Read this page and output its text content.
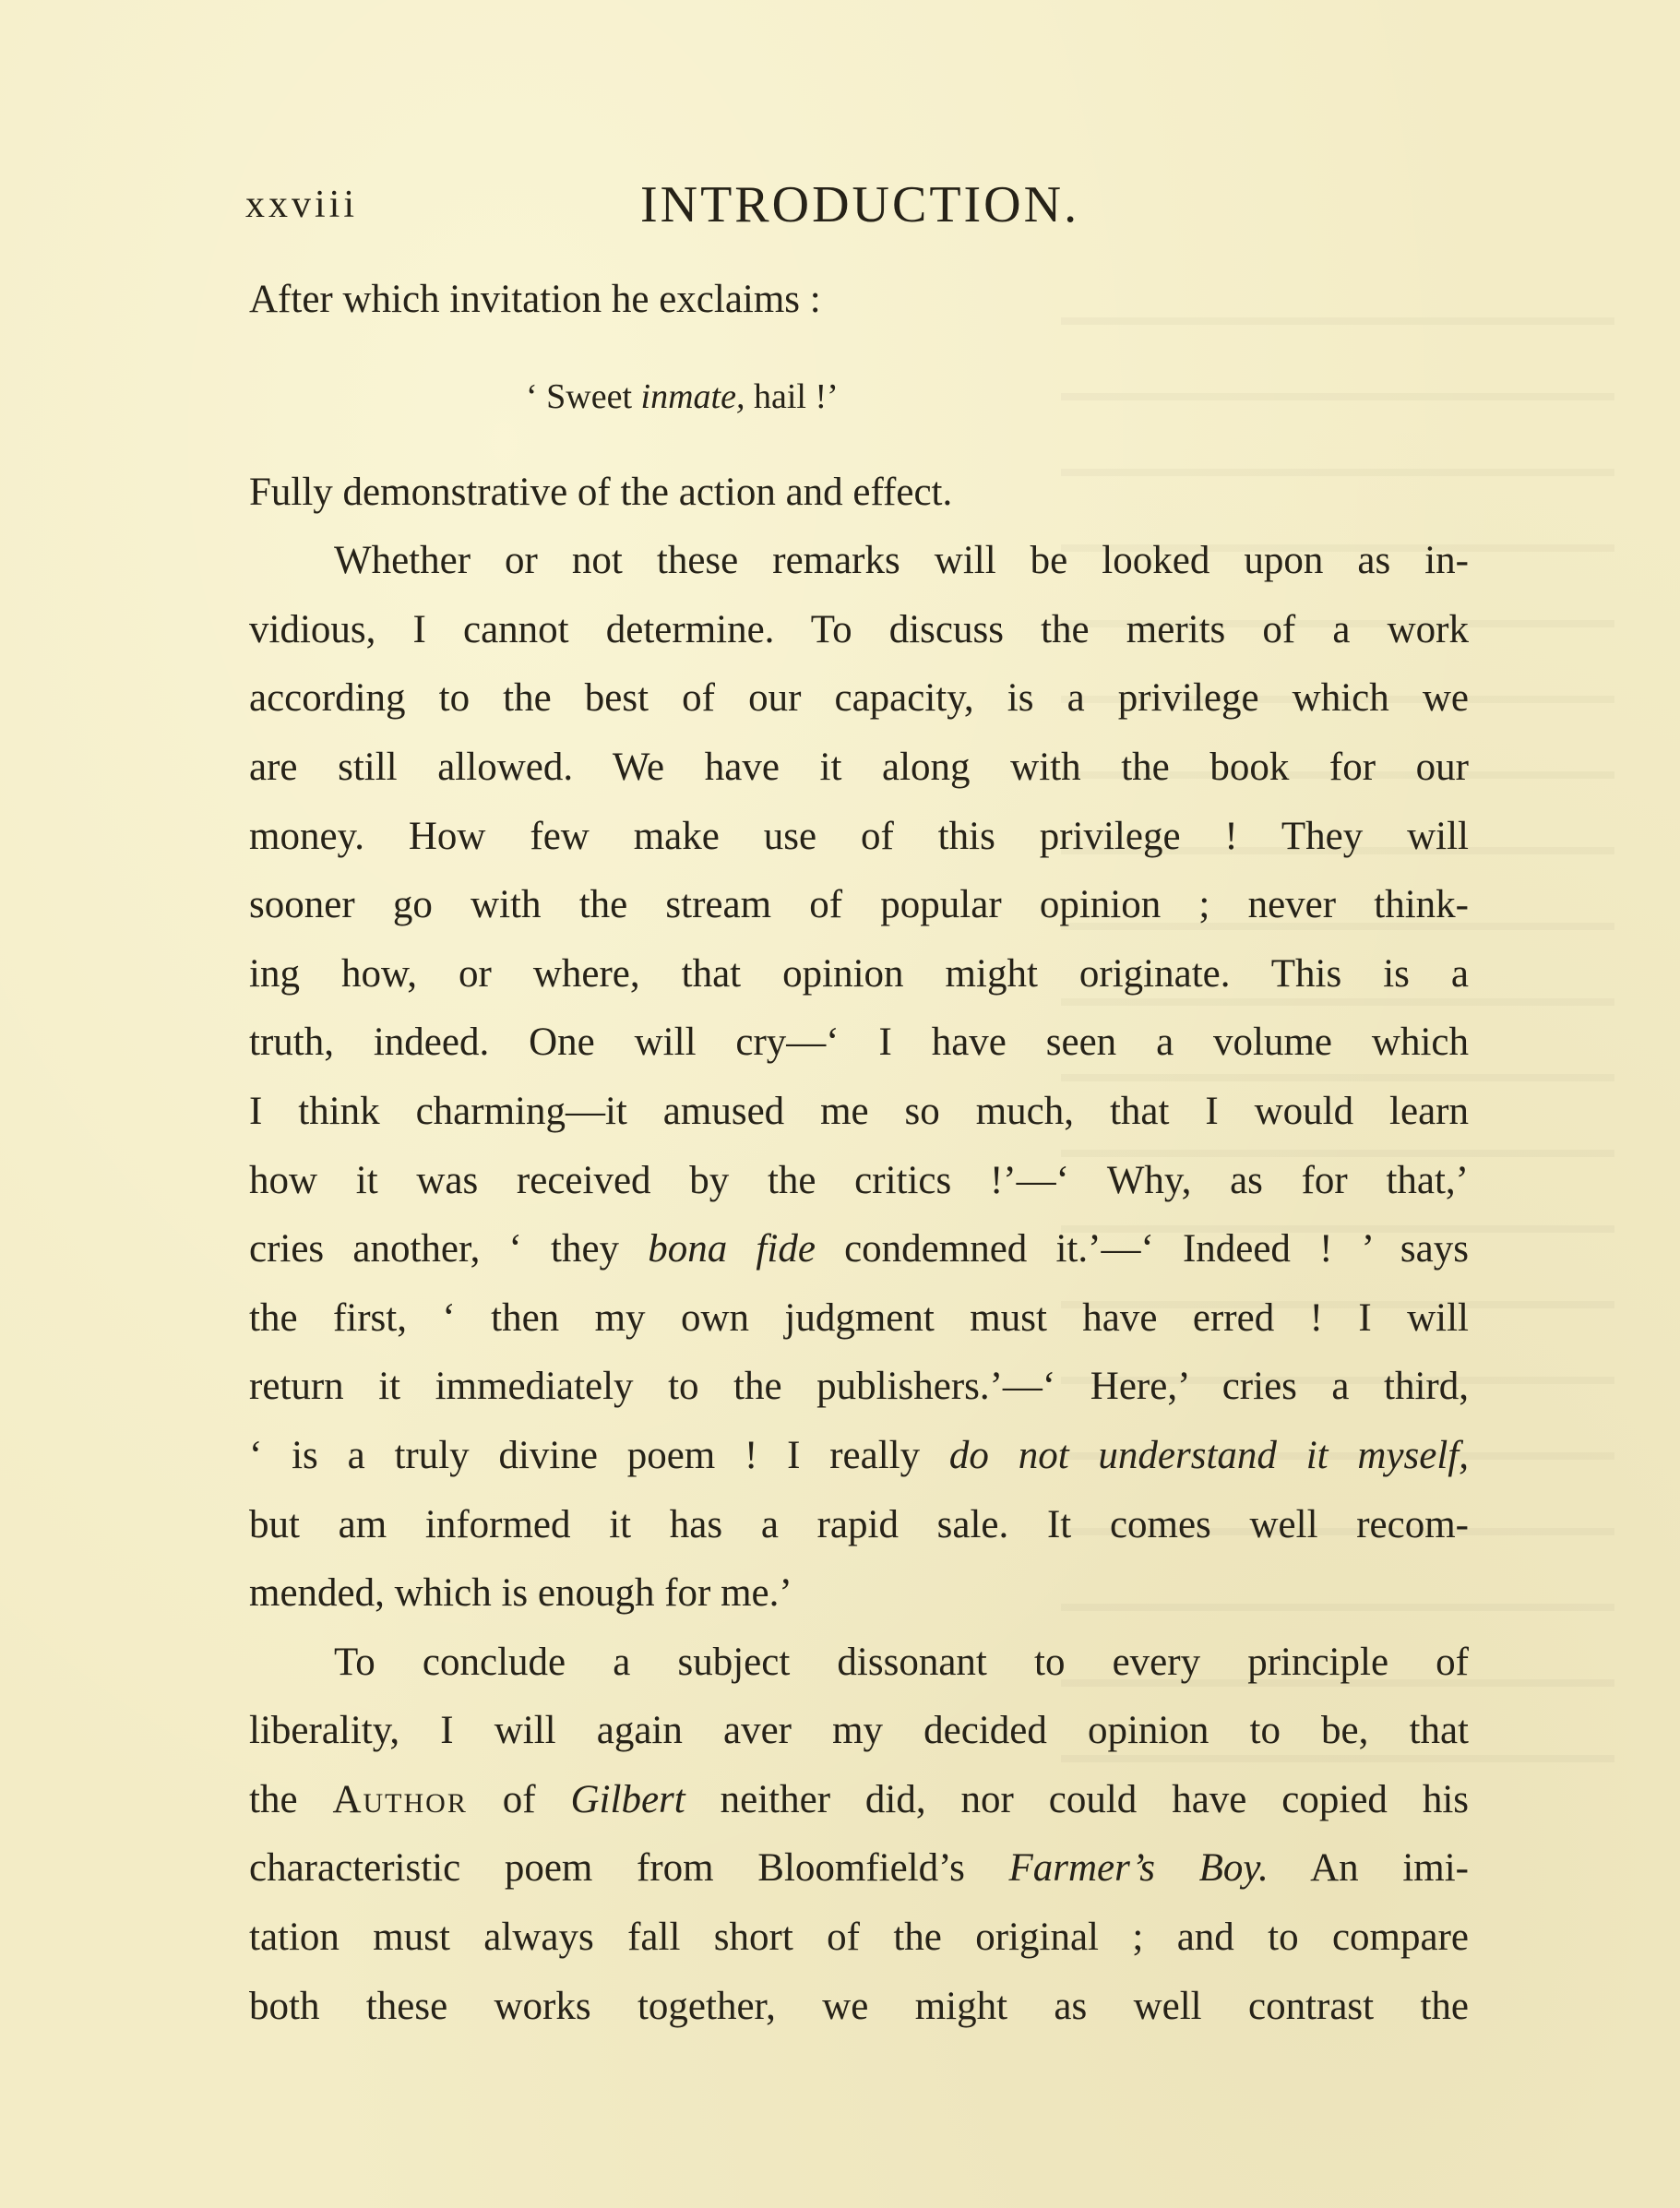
xxviii	INTRODUCTION.
After which invitation he exclaims :
‘ Sweet inmate, hail !’
Fully demonstrative of the action and effect.
Whether or not these remarks will be looked upon as in-
vidious, I cannot determine. To discuss the merits of a work
according to the best of our capacity, is a privilege which we
are still allowed. We have it along with the book for our
money. How few make use of this privilege ! They will
sooner go with the stream of popular opinion ; never think-
ing how, or where, that opinion might originate. This is a
truth, indeed. One will cry—‘ I have seen a volume which
I think charming—it amused me so much, that I would learn
how it was received by the critics !’—‘ Why, as for that,’
cries another, ‘ they bona fide condemned it.’—‘ Indeed ! ’ says
the first, ‘ then my own judgment must have erred ! I will
return it immediately to the publishers.’—‘ Here,’ cries a third,
‘ is a truly divine poem ! I really do not understand it myself,
but am informed it has a rapid sale. It comes well recom-
mended, which is enough for me.’
To conclude a subject dissonant to every principle of
liberality, I will again aver my decided opinion to be, that
the Author of Gilbert neither did, nor could have copied his
characteristic poem from Bloomfield’s Farmer’s Boy. An imi-
tation must always fall short of the original ; and to compare
both these works together, we might as well contrast the
